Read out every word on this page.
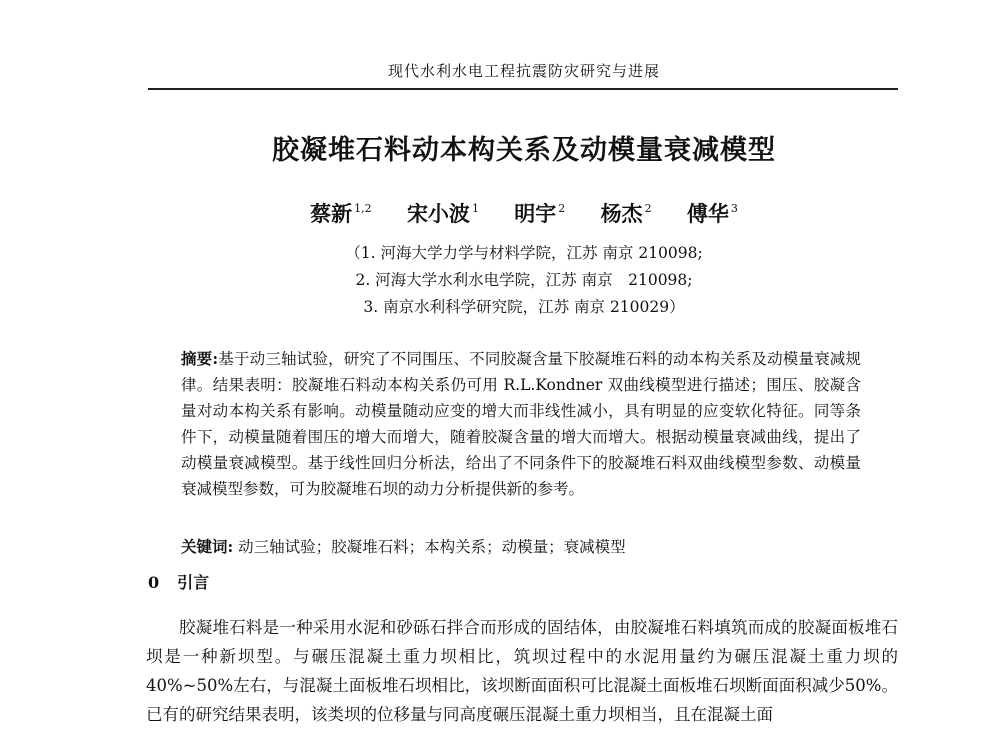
现代水利水电工程抗震防灾研究与进展
胶凝堆石料动本构关系及动模量衰减模型
蔡新 $^{1,2}$ 宋小波 $^1$ 明宇 $^2$ 杨杰 $^2$ 傅华 $^3$
（1. 河海大学力学与材料学院，江苏 南京 210098;
2. 河海大学水利水电学院，江苏 南京　210098;
3. 南京水利科学研究院，江苏 南京 210029）
摘要:基于动三轴试验，研究了不同围压、不同胶凝含量下胶凝堆石料的动本构关系及动模量衰减规律。结果表明：胶凝堆石料动本构关系仍可用 R.L.Kondner 双曲线模型进行描述；围压、胶凝含量对动本构关系有影响。动模量随动应变的增大而非线性减小，具有明显的应变软化特征。同等条件下，动模量随着围压的增大而增大，随着胶凝含量的增大而增大。根据动模量衰减曲线，提出了动模量衰减模型。基于线性回归分析法，给出了不同条件下的胶凝堆石料双曲线模型参数、动模量衰减模型参数，可为胶凝堆石坝的动力分析提供新的参考。
关键词: 动三轴试验；胶凝堆石料；本构关系；动模量；衰减模型
0 引言
胶凝堆石料是一种采用水泥和砂砾石拌合而形成的固结体，由胶凝堆石料填筑而成的胶凝面板堆石坝是一种新坝型。与碾压混凝土重力坝相比，筑坝过程中的水泥用量约为碾压混凝土重力坝的40%~50%左右，与混凝土面板堆石坝相比，该坝断面面积可比混凝土面板堆石坝断面面积减少50%。已有的研究结果表明，该类坝的位移量与同高度碾压混凝土重力坝相当，且在混凝土面
